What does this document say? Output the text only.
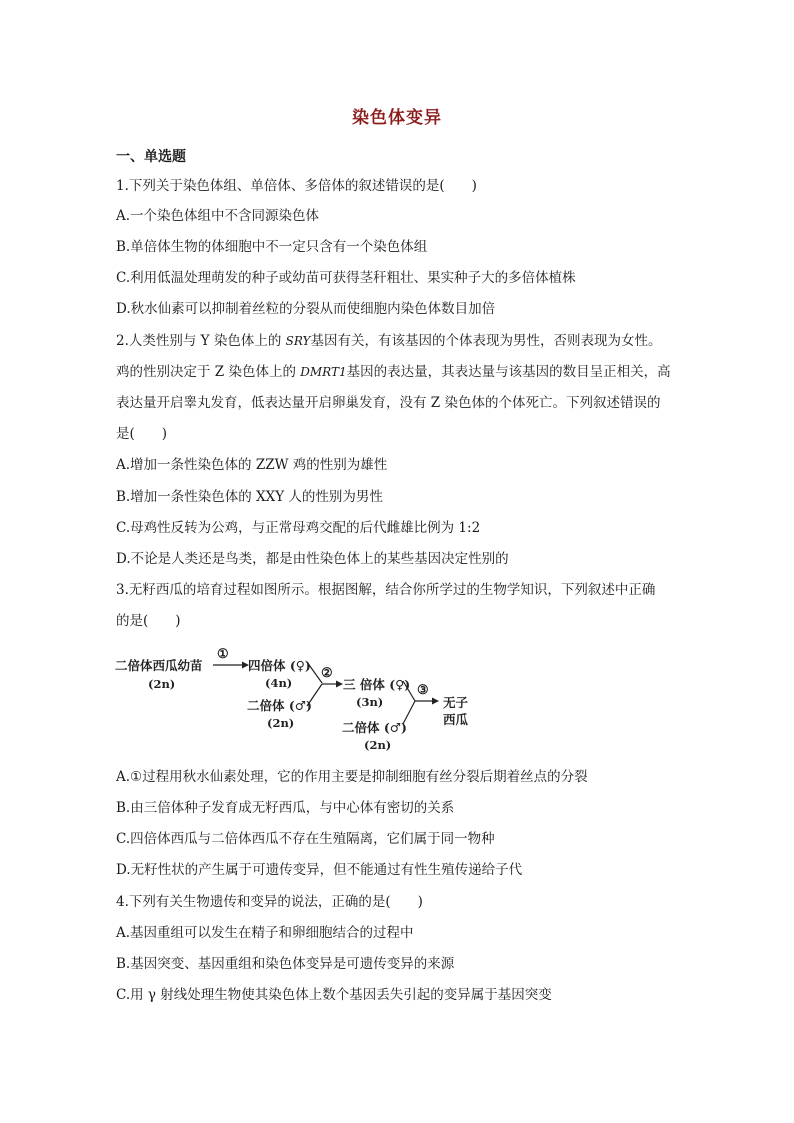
染色体变异
一、单选题
1.下列关于染色体组、单倍体、多倍体的叙述错误的是(　　)
A.一个染色体组中不含同源染色体
B.单倍体生物的体细胞中不一定只含有一个染色体组
C.利用低温处理萌发的种子或幼苗可获得茎秆粗壮、果实种子大的多倍体植株
D.秋水仙素可以抑制着丝粒的分裂从而使细胞内染色体数目加倍
2.人类性别与 Y 染色体上的 SRY基因有关，有该基因的个体表现为男性，否则表现为女性。
鸡的性别决定于 Z 染色体上的 DMRT1基因的表达量，其表达量与该基因的数目呈正相关，高
表达量开启睾丸发育，低表达量开启卵巢发育，没有 Z 染色体的个体死亡。下列叙述错误的
是(　　)
A.增加一条性染色体的 ZZW 鸡的性别为雄性
B.增加一条性染色体的 XXY 人的性别为男性
C.母鸡性反转为公鸡，与正常母鸡交配的后代雌雄比例为 1:2
D.不论是人类还是鸟类，都是由性染色体上的某些基因决定性别的
3.无籽西瓜的培育过程如图所示。根据图解，结合你所学过的生物学知识，下列叙述中正确
的是(　　)
二倍体西瓜幼苗
(2n)
①
四倍体 (♀)
(4n)
二倍体 (♂)
(2n)
②
三 倍体 (♀)
(3n)
二倍体 (♂)
(2n)
③
无子
西瓜
A.①过程用秋水仙素处理，它的作用主要是抑制细胞有丝分裂后期着丝点的分裂
B.由三倍体种子发育成无籽西瓜，与中心体有密切的关系
C.四倍体西瓜与二倍体西瓜不存在生殖隔离，它们属于同一物种
D.无籽性状的产生属于可遗传变异，但不能通过有性生殖传递给子代
4.下列有关生物遗传和变异的说法，正确的是(　　)
A.基因重组可以发生在精子和卵细胞结合的过程中
B.基因突变、基因重组和染色体变异是可遗传变异的来源
C.用 γ 射线处理生物使其染色体上数个基因丢失引起的变异属于基因突变
